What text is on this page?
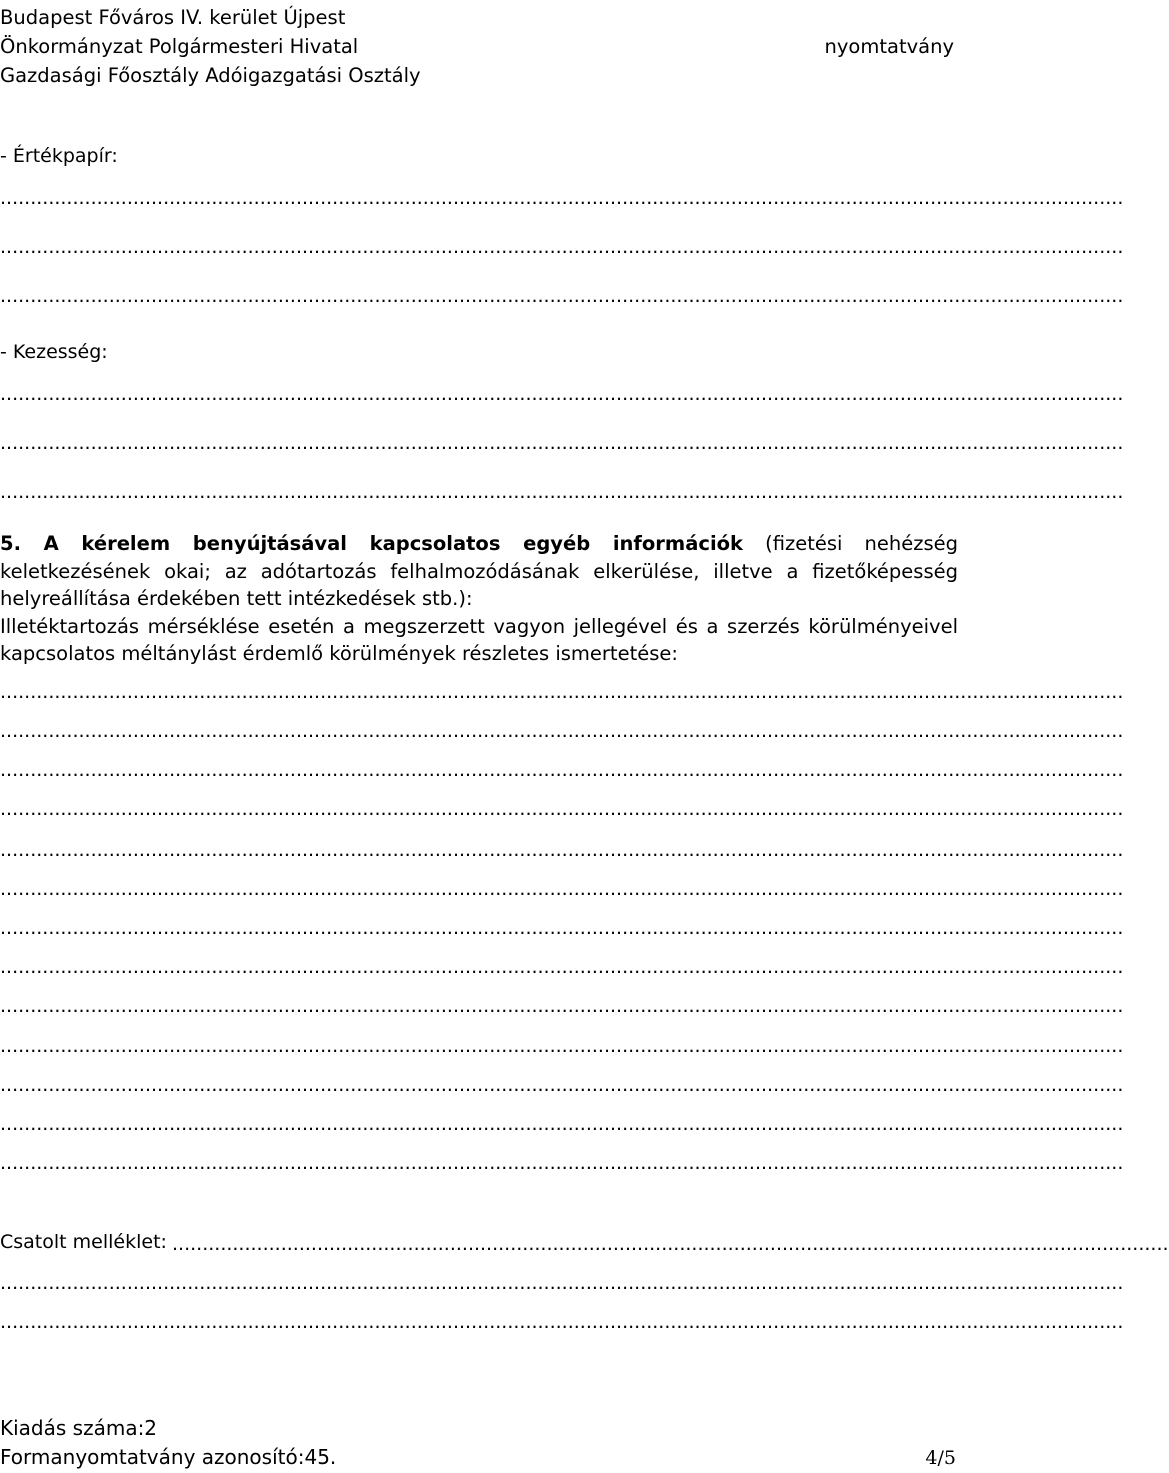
Budapest Főváros IV. kerület Újpest
Önkormányzat Polgármesteri Hivatal
Gazdasági Főosztály Adóigazgatási Osztály
nyomtatvány
- Értékpapír:
..........................................................................................................................................................................................
..........................................................................................................................................................................................
..........................................................................................................................................................................................
- Kezesség:
..........................................................................................................................................................................................
..........................................................................................................................................................................................
..........................................................................................................................................................................................
5. A kérelem benyújtásával kapcsolatos egyéb információk (fizetési nehézség
keletkezésének okai; az adótartozás felhalmozódásának elkerülése, illetve a fizetőképesség
helyreállítása érdekében tett intézkedések stb.):
Illetéktartozás mérséklése esetén a megszerzett vagyon jellegével és a szerzés körülményeivel
kapcsolatos méltánylást érdemlő körülmények részletes ismertetése:
..........................................................................................................................................................................................
..........................................................................................................................................................................................
..........................................................................................................................................................................................
..........................................................................................................................................................................................
..........................................................................................................................................................................................
..........................................................................................................................................................................................
..........................................................................................................................................................................................
..........................................................................................................................................................................................
..........................................................................................................................................................................................
..........................................................................................................................................................................................
..........................................................................................................................................................................................
..........................................................................................................................................................................................
..........................................................................................................................................................................................
Csatolt melléklet: .....................................................................................................................................................................
..........................................................................................................................................................................................
..........................................................................................................................................................................................
Kiadás száma:2
Formanyomtatvány azonosító:45.	4/5
